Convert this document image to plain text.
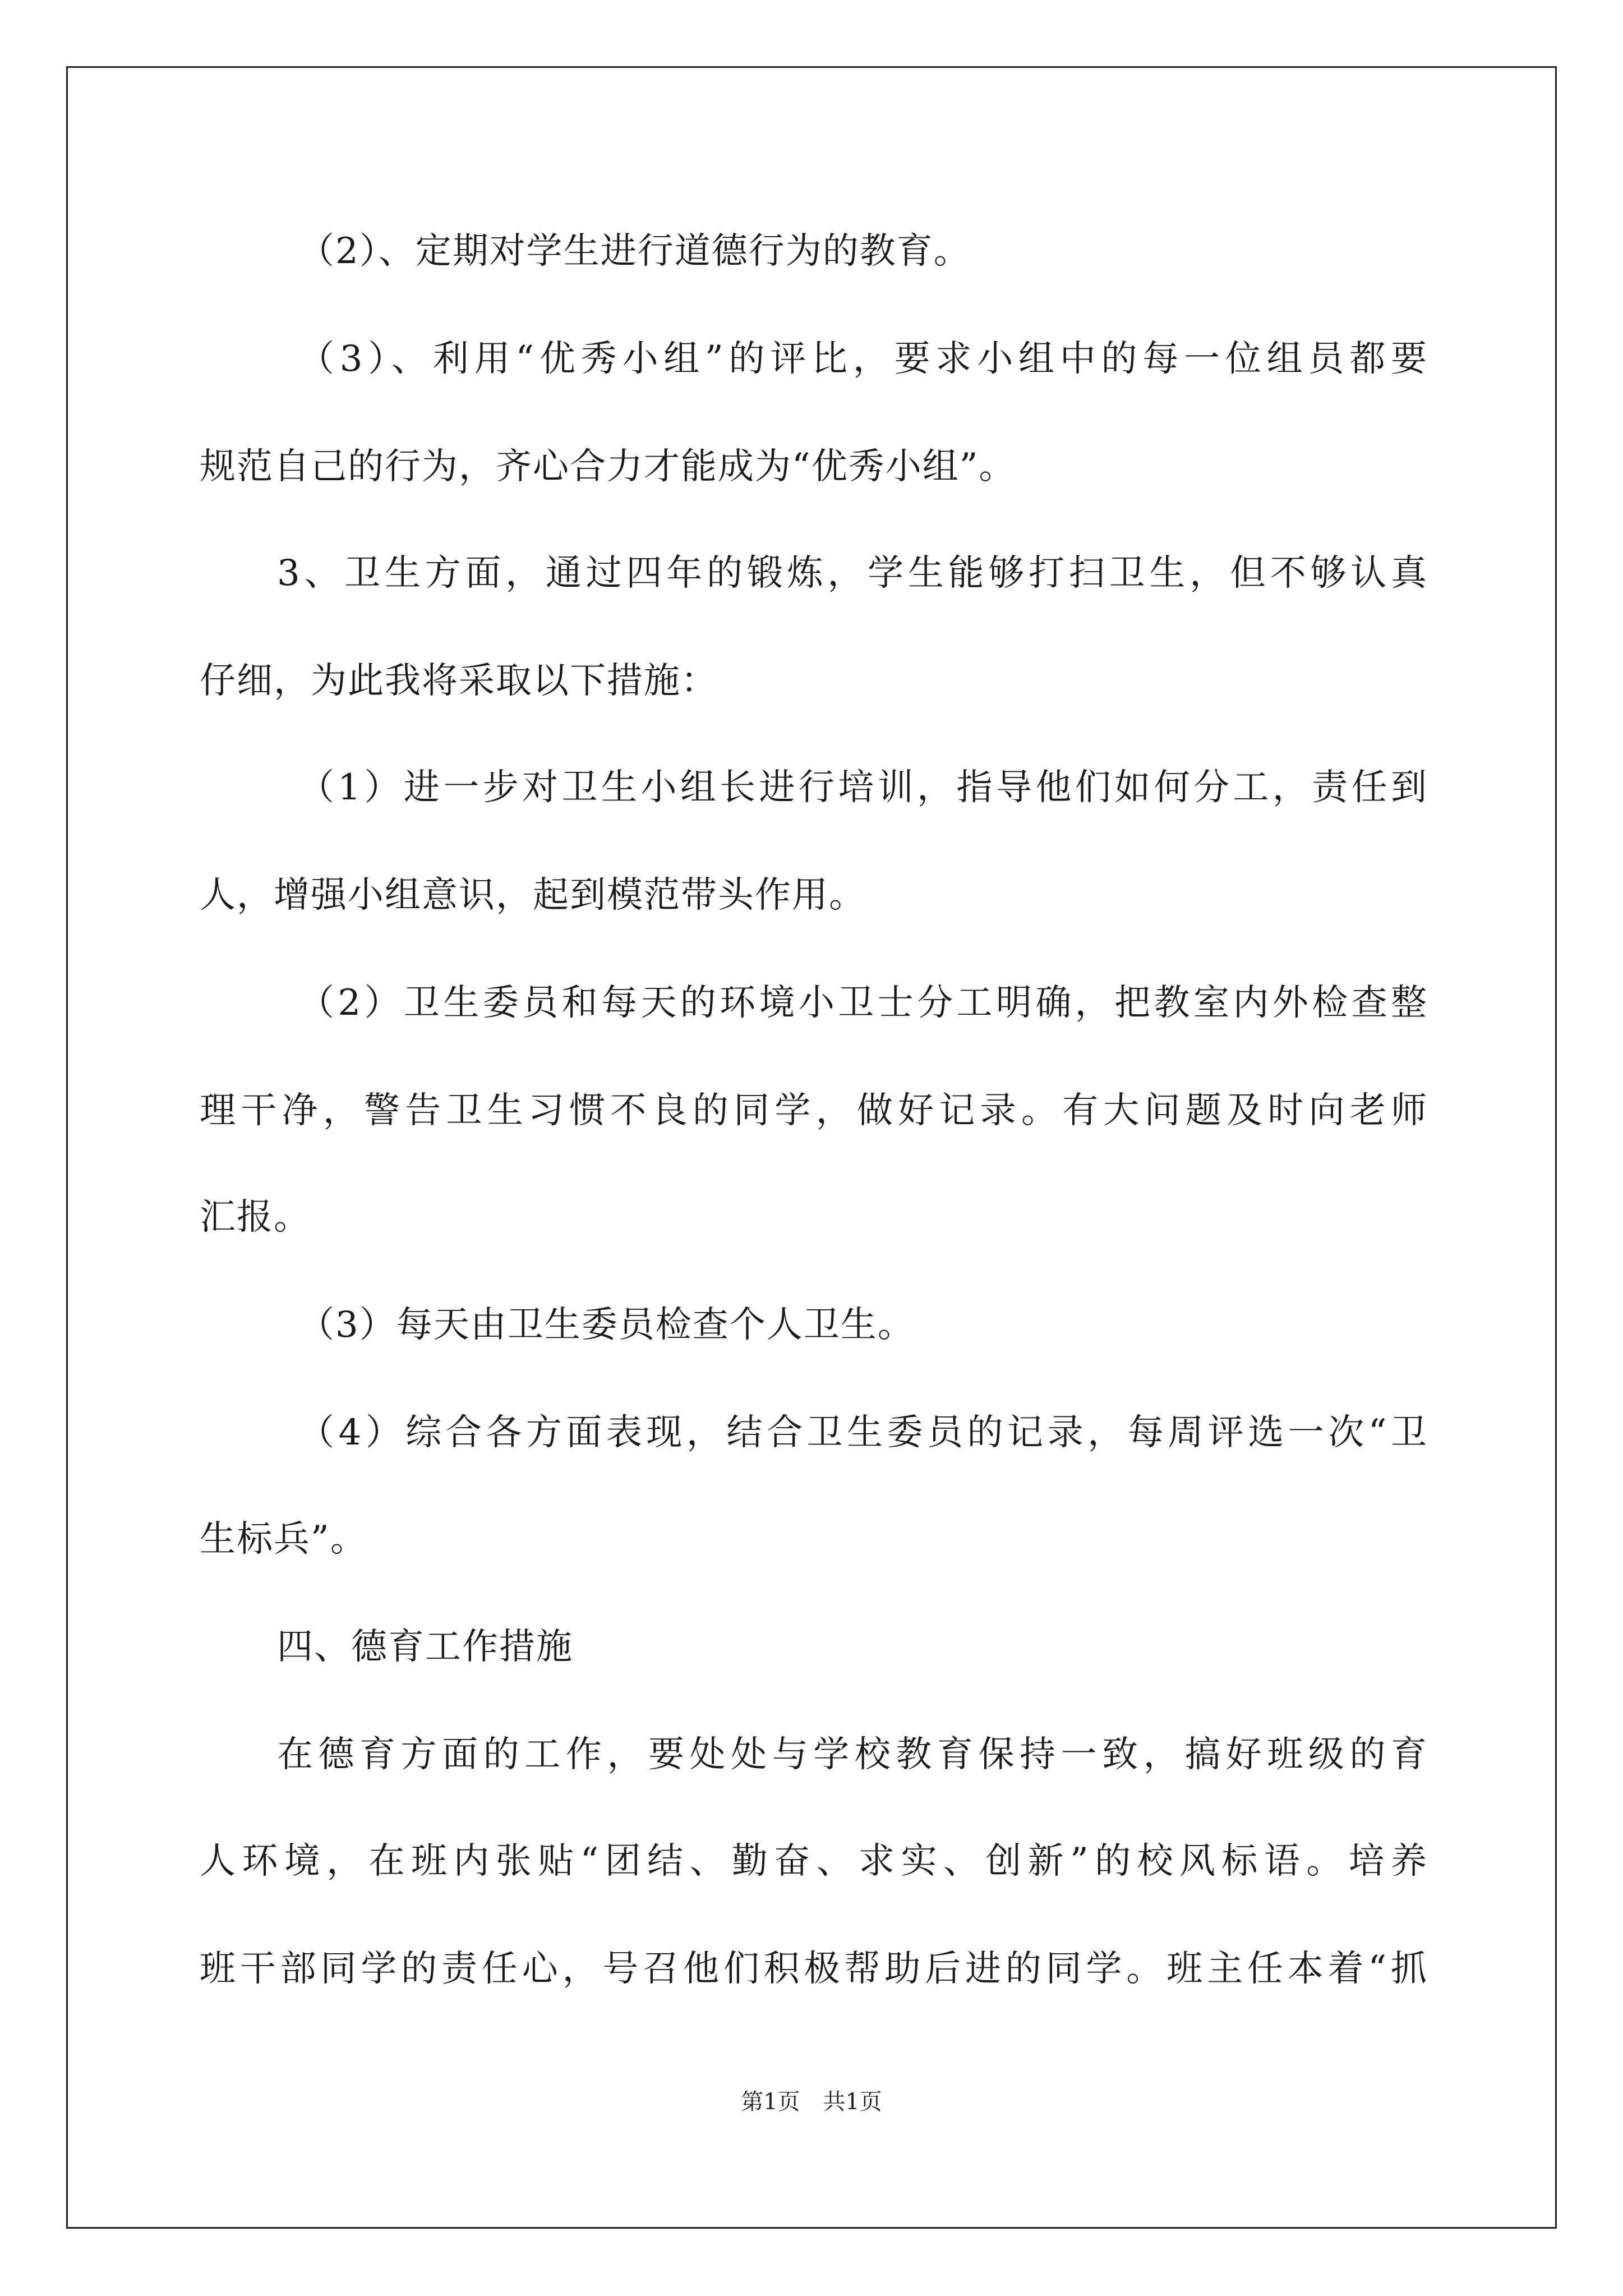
（2）、定期对学生进行道德行为的教育。
（3）、利用“优秀小组”的评比，要求小组中的每一位组员都要
规范自己的行为，齐心合力才能成为“优秀小组”。
3、卫生方面，通过四年的锻炼，学生能够打扫卫生，但不够认真
仔细，为此我将采取以下措施：
（1）进一步对卫生小组长进行培训，指导他们如何分工，责任到
人，增强小组意识，起到模范带头作用。
（2）卫生委员和每天的环境小卫士分工明确，把教室内外检查整
理干净，警告卫生习惯不良的同学，做好记录。有大问题及时向老师
汇报。
（3）每天由卫生委员检查个人卫生。
（4）综合各方面表现，结合卫生委员的记录，每周评选一次“卫
生标兵”。
四、德育工作措施
在德育方面的工作，要处处与学校教育保持一致，搞好班级的育
人环境，在班内张贴“团结、勤奋、求实、创新”的校风标语。培养
班干部同学的责任心，号召他们积极帮助后进的同学。班主任本着“抓
第1页 共1页
